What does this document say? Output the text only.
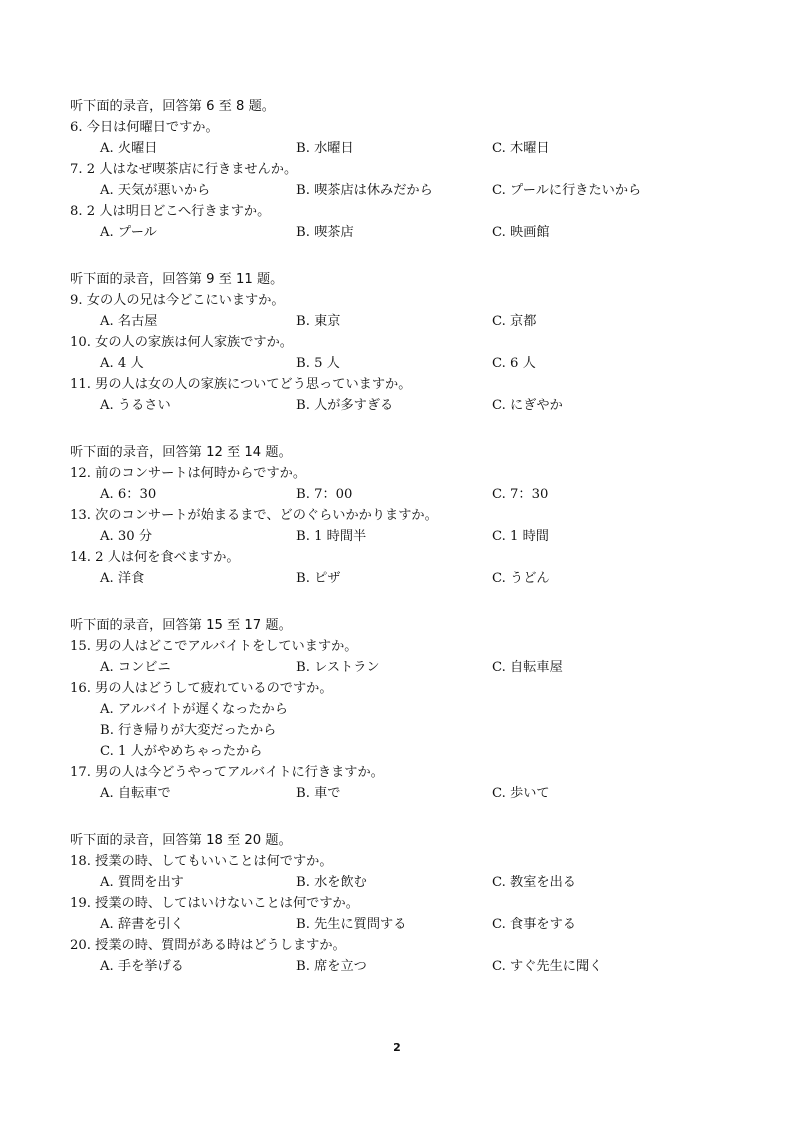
听下面的录音，回答第 6 至 8 题。
6. 今日は何曜日ですか。
A. 火曜日	B. 水曜日	C. 木曜日
7. 2 人はなぜ喫茶店に行きませんか。
A. 天気が悪いから	B. 喫茶店は休みだから	C. プールに行きたいから
8. 2 人は明日どこへ行きますか。
A. プール	B. 喫茶店	C. 映画館
听下面的录音，回答第 9 至 11 题。
9. 女の人の兄は今どこにいますか。
A. 名古屋	B. 東京	C. 京都
10. 女の人の家族は何人家族ですか。
A. 4 人	B. 5 人	C. 6 人
11. 男の人は女の人の家族についてどう思っていますか。
A. うるさい	B. 人が多すぎる	C. にぎやか
听下面的录音，回答第 12 至 14 题。
12. 前のコンサートは何時からですか。
A. 6：30	B. 7：00	C. 7：30
13. 次のコンサートが始まるまで、どのぐらいかかりますか。
A. 30 分	B. 1 時間半	C. 1 時間
14. 2 人は何を食べますか。
A. 洋食	B. ピザ	C. うどん
听下面的录音，回答第 15 至 17 题。
15. 男の人はどこでアルバイトをしていますか。
A. コンビニ	B. レストラン	C. 自転車屋
16. 男の人はどうして疲れているのですか。
A. アルバイトが遅くなったから
B. 行き帰りが大変だったから
C. 1 人がやめちゃったから
17. 男の人は今どうやってアルバイトに行きますか。
A. 自転車で	B. 車で	C. 歩いて
听下面的录音，回答第 18 至 20 题。
18. 授業の時、してもいいことは何ですか。
A. 質問を出す	B. 水を飲む	C. 教室を出る
19. 授業の時、してはいけないことは何ですか。
A. 辞書を引く	B. 先生に質問する	C. 食事をする
20. 授業の時、質問がある時はどうしますか。
A. 手を挙げる	B. 席を立つ	C. すぐ先生に聞く
2
